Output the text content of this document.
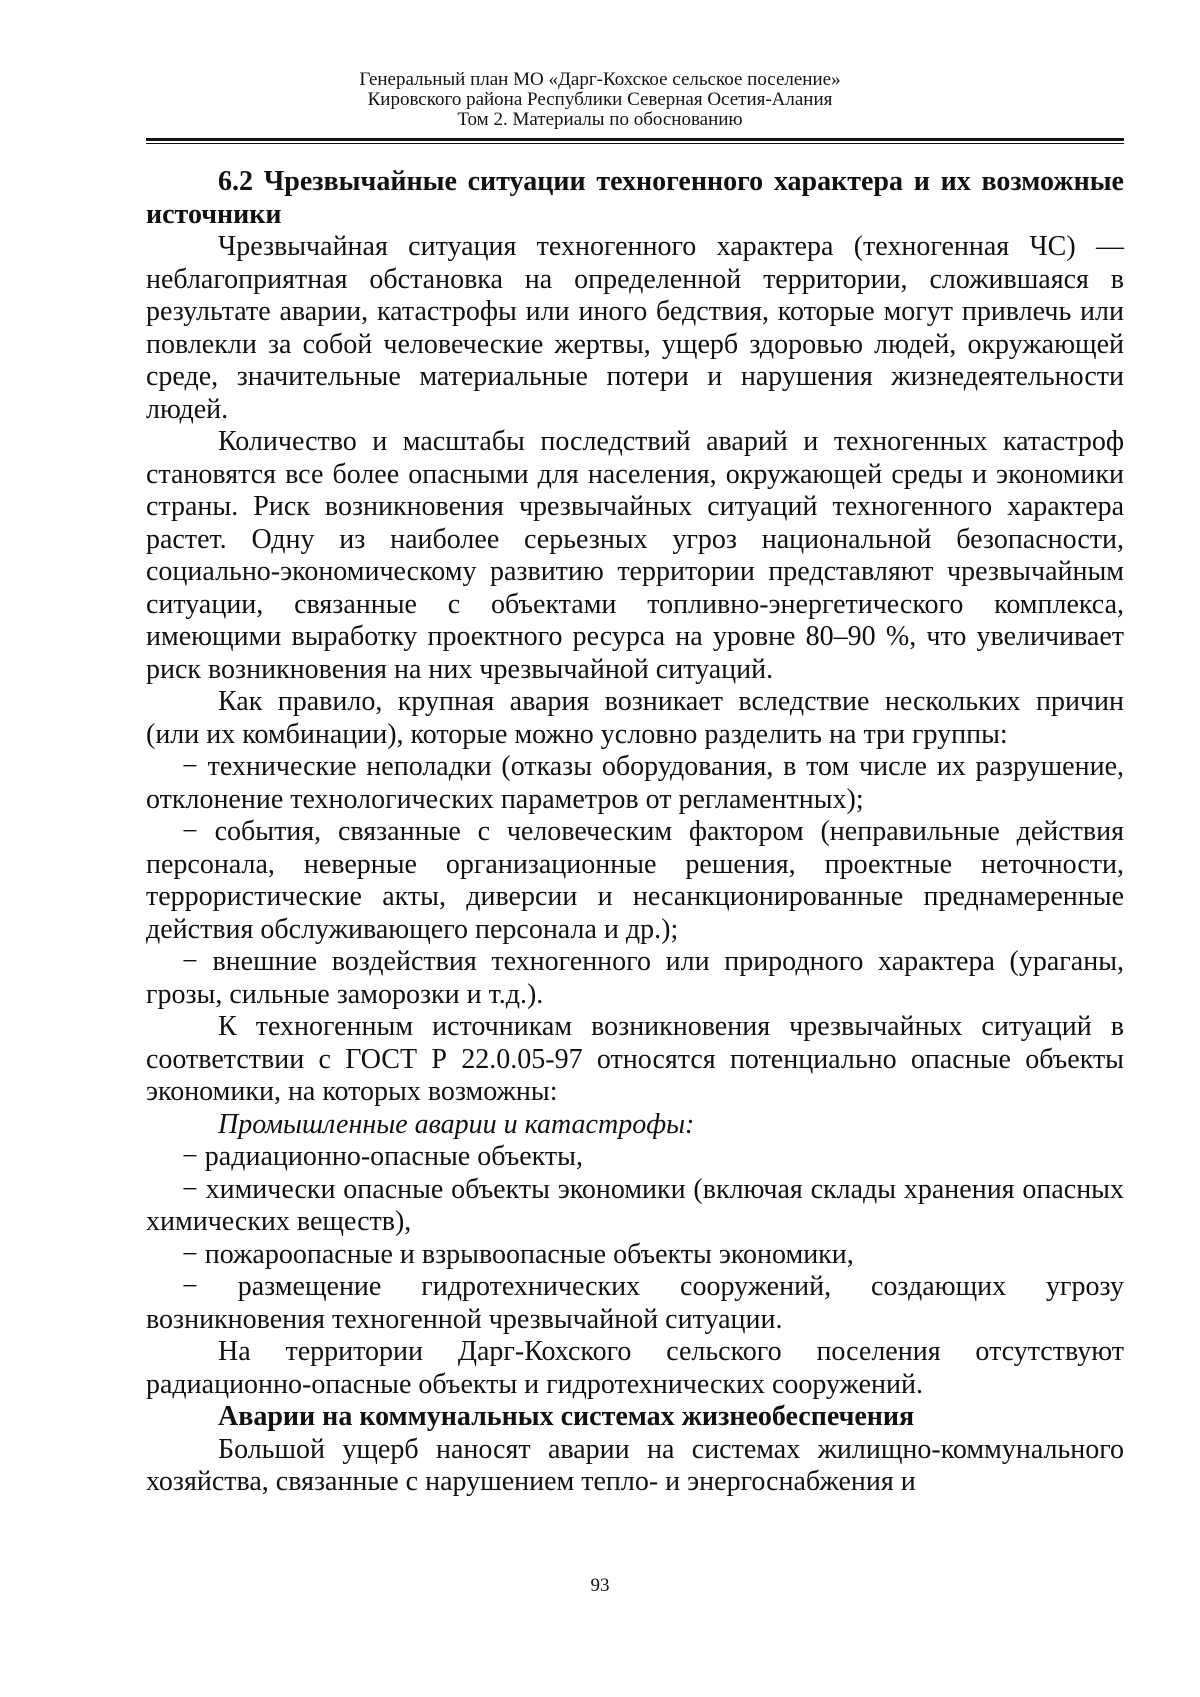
Генеральный план МО «Дарг-Кохское сельское поселение»
Кировского района Республики Северная Осетия-Алания
Том 2. Материалы по обоснованию

6.2 Чрезвычайные ситуации техногенного характера и их возможные источники

Чрезвычайная ситуация техногенного характера (техногенная ЧС) — неблагоприятная обстановка на определенной территории, сложившаяся в результате аварии, катастрофы или иного бедствия, которые могут привлечь или повлекли за собой человеческие жертвы, ущерб здоровью людей, окружающей среде, значительные материальные потери и нарушения жизнедеятельности людей.

Количество и масштабы последствий аварий и техногенных катастроф становятся все более опасными для населения, окружающей среды и экономики страны. Риск возникновения чрезвычайных ситуаций техногенного характера растет. Одну из наиболее серьезных угроз национальной безопасности, социально-экономическому развитию территории представляют чрезвычайным ситуации, связанные с объектами топливно-энергетического комплекса, имеющими выработку проектного ресурса на уровне 80–90 %, что увеличивает риск возникновения на них чрезвычайной ситуаций.

Как правило, крупная авария возникает вследствие нескольких причин (или их комбинации), которые можно условно разделить на три группы:

− технические неполадки (отказы оборудования, в том числе их разрушение, отклонение технологических параметров от регламентных);

− события, связанные с человеческим фактором (неправильные действия персонала, неверные организационные решения, проектные неточности, террористические акты, диверсии и несанкционированные преднамеренные действия обслуживающего персонала и др.);

− внешние воздействия техногенного или природного характера (ураганы, грозы, сильные заморозки и т.д.).

К техногенным источникам возникновения чрезвычайных ситуаций в соответствии с ГОСТ Р 22.0.05-97 относятся потенциально опасные объекты экономики, на которых возможны:

Промышленные аварии и катастрофы:

− радиационно-опасные объекты,

− химически опасные объекты экономики (включая склады хранения опасных химических веществ),

− пожароопасные и взрывоопасные объекты экономики,

− размещение гидротехнических сооружений, создающих угрозу возникновения техногенной чрезвычайной ситуации.

На территории Дарг-Кохского сельского поселения отсутствуют радиационно-опасные объекты и гидротехнических сооружений.

Аварии на коммунальных системах жизнеобеспечения

Большой ущерб наносят аварии на системах жилищно-коммунального хозяйства, связанные с нарушением тепло- и энергоснабжения и

93
